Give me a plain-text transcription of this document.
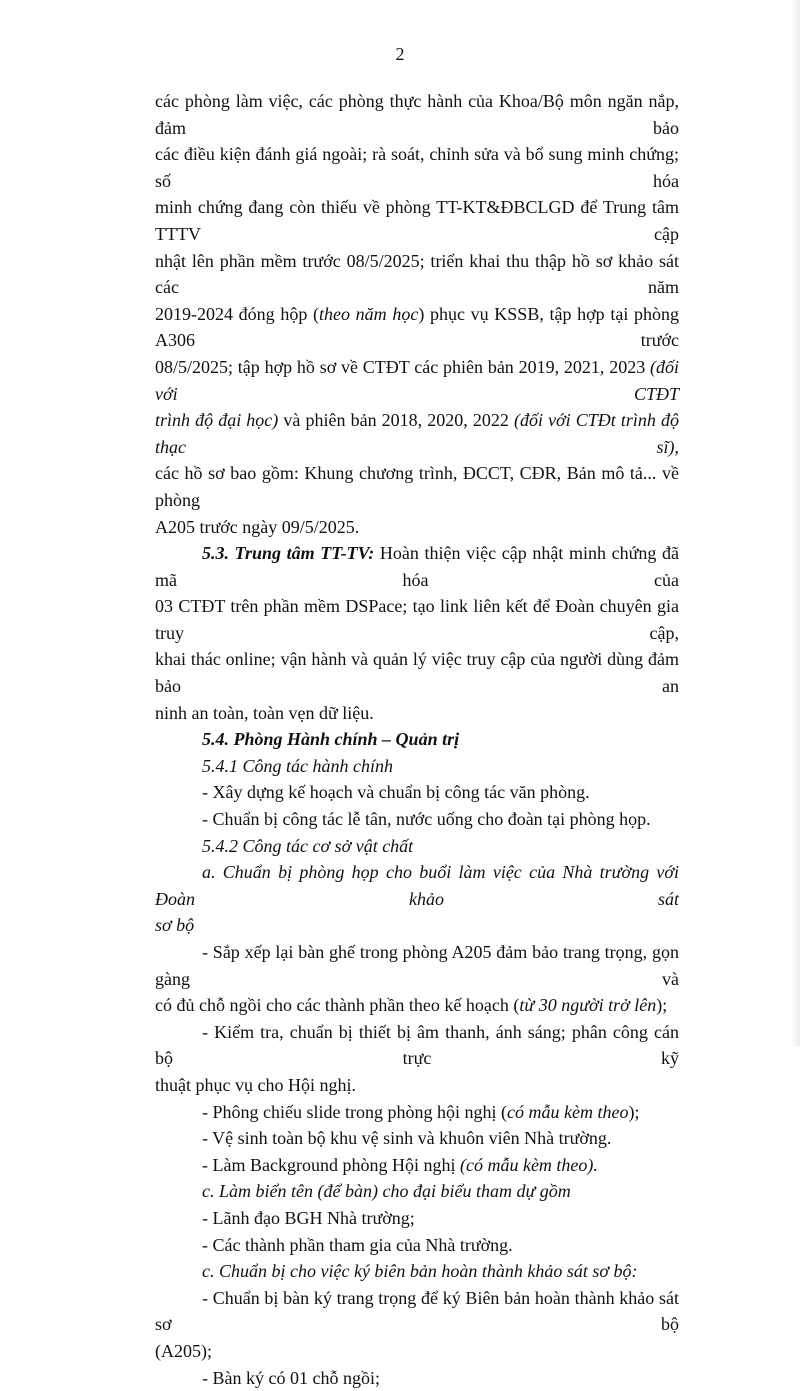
2

các phòng làm việc, các phòng thực hành của Khoa/Bộ môn ngăn nắp, đảm bảo

các điều kiện đánh giá ngoài; rà soát, chỉnh sửa và bổ sung minh chứng; số hóa

minh chứng đang còn thiếu về phòng TT-KT&ĐBCLGD để Trung tâm TTTV cập

nhật lên phần mềm trước 08/5/2025; triển khai thu thập hồ sơ khảo sát các năm

2019-2024 đóng hộp (theo năm học) phục vụ KSSB, tập hợp tại phòng A306 trước

08/5/2025; tập hợp hồ sơ về CTĐT các phiên bản 2019, 2021, 2023 (đối với CTĐT

trình độ đại học) và phiên bản 2018, 2020, 2022 (đối với CTĐt trình độ thạc sĩ),

các hồ sơ bao gồm: Khung chương trình, ĐCCT, CĐR, Bản mô tả... về phòng

A205 trước ngày 09/5/2025.

5.3. Trung tâm TT-TV: Hoàn thiện việc cập nhật minh chứng đã mã hóa của

03 CTĐT trên phần mềm DSPace; tạo link liên kết để Đoàn chuyên gia truy cập,

khai thác online; vận hành và quản lý việc truy cập của người dùng đảm bảo an

ninh an toàn, toàn vẹn dữ liệu.

5.4. Phòng Hành chính – Quản trị

5.4.1 Công tác hành chính

- Xây dựng kế hoạch và chuẩn bị công tác văn phòng.

- Chuẩn bị công tác lễ tân, nước uống cho đoàn tại phòng họp.

5.4.2 Công tác cơ sở vật chất

a. Chuẩn bị phòng họp cho buổi làm việc của Nhà trường với Đoàn khảo sát

sơ bộ

- Sắp xếp lại bàn ghế trong phòng A205 đảm bảo trang trọng, gọn gàng và

có đủ chỗ ngồi cho các thành phần theo kế hoạch (từ 30 người trở lên);

- Kiểm tra, chuẩn bị thiết bị âm thanh, ánh sáng; phân công cán bộ trực kỹ

thuật phục vụ cho Hội nghị.

- Phông chiếu slide trong phòng hội nghị (có mẫu kèm theo);

- Vệ sinh toàn bộ khu vệ sinh và khuôn viên Nhà trường.

- Làm Background phòng Hội nghị (có mẫu kèm theo).

c. Làm biển tên (để bàn) cho đại biểu tham dự gồm

- Lãnh đạo BGH Nhà trường;

- Các thành phần tham gia của Nhà trường.

c. Chuẩn bị cho việc ký biên bản hoàn thành khảo sát sơ bộ:

- Chuẩn bị bàn ký trang trọng để ký Biên bản hoàn thành khảo sát sơ bộ

(A205);

- Bàn ký có 01 chỗ ngồi;
